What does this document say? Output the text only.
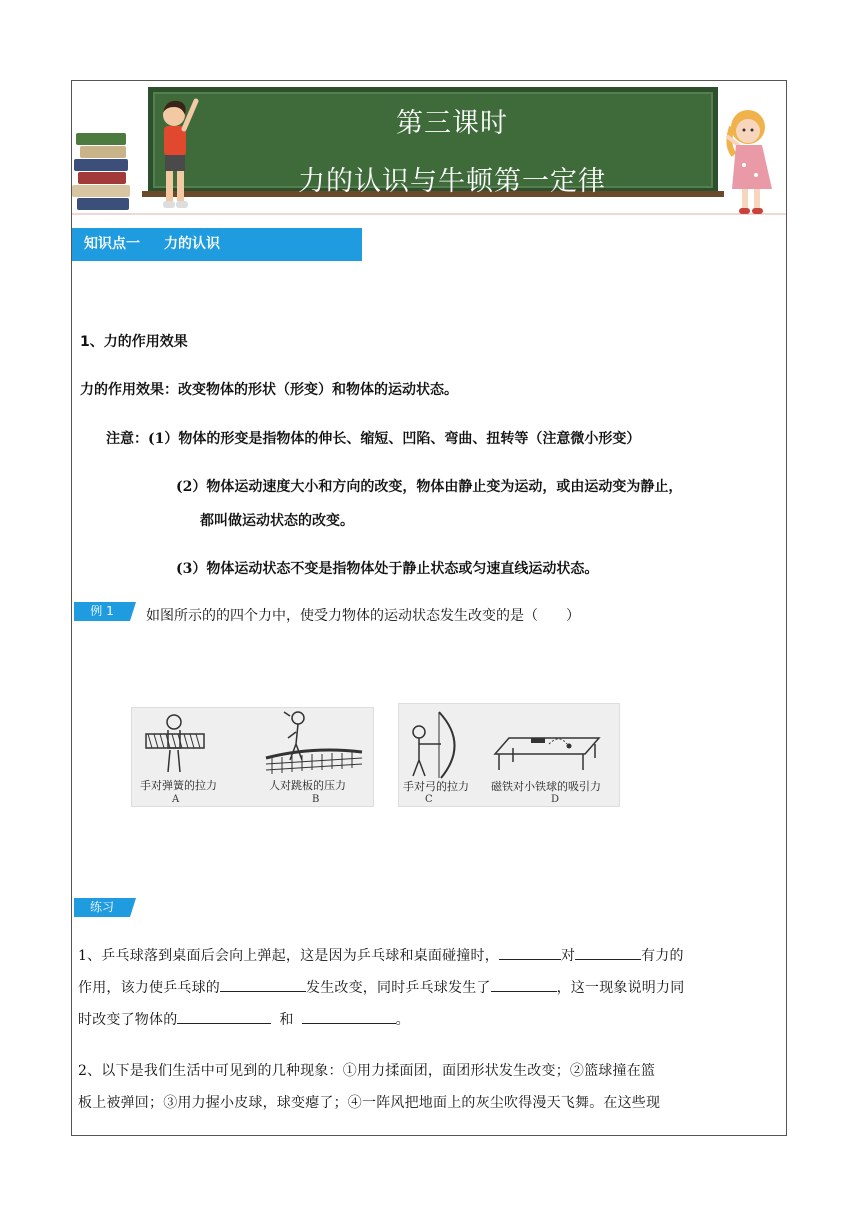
第三课时
力的认识与牛顿第一定律
知识点一 力的认识
1、力的作用效果
力的作用效果：改变物体的形状（形变）和物体的运动状态。
注意：(1）物体的形变是指物体的伸长、缩短、凹陷、弯曲、扭转等（注意微小形变）
(2）物体运动速度大小和方向的改变，物体由静止变为运动，或由运动变为静止，
都叫做运动状态的改变。
(3）物体运动状态不变是指物体处于静止状态或匀速直线运动状态。
例 1	如图所示的的四个力中，使受力物体的运动状态发生改变的是（　　）
手对弹簧的拉力
A
人对跳板的压力
B
手对弓的拉力
C
磁铁对小铁球的吸引力
D
练习
1、乒乓球落到桌面后会向上弹起，这是因为乒乓球和桌面碰撞时，	对	有力的
作用，该力使乒乓球的	发生改变，同时乒乓球发生了	，这一现象说明力同
时改变了物体的	和	。
2、以下是我们生活中可见到的几种现象：①用力揉面团，面团形状发生改变；②篮球撞在篮
板上被弹回；③用力握小皮球，球变瘪了；④一阵风把地面上的灰尘吹得漫天飞舞。在这些现
